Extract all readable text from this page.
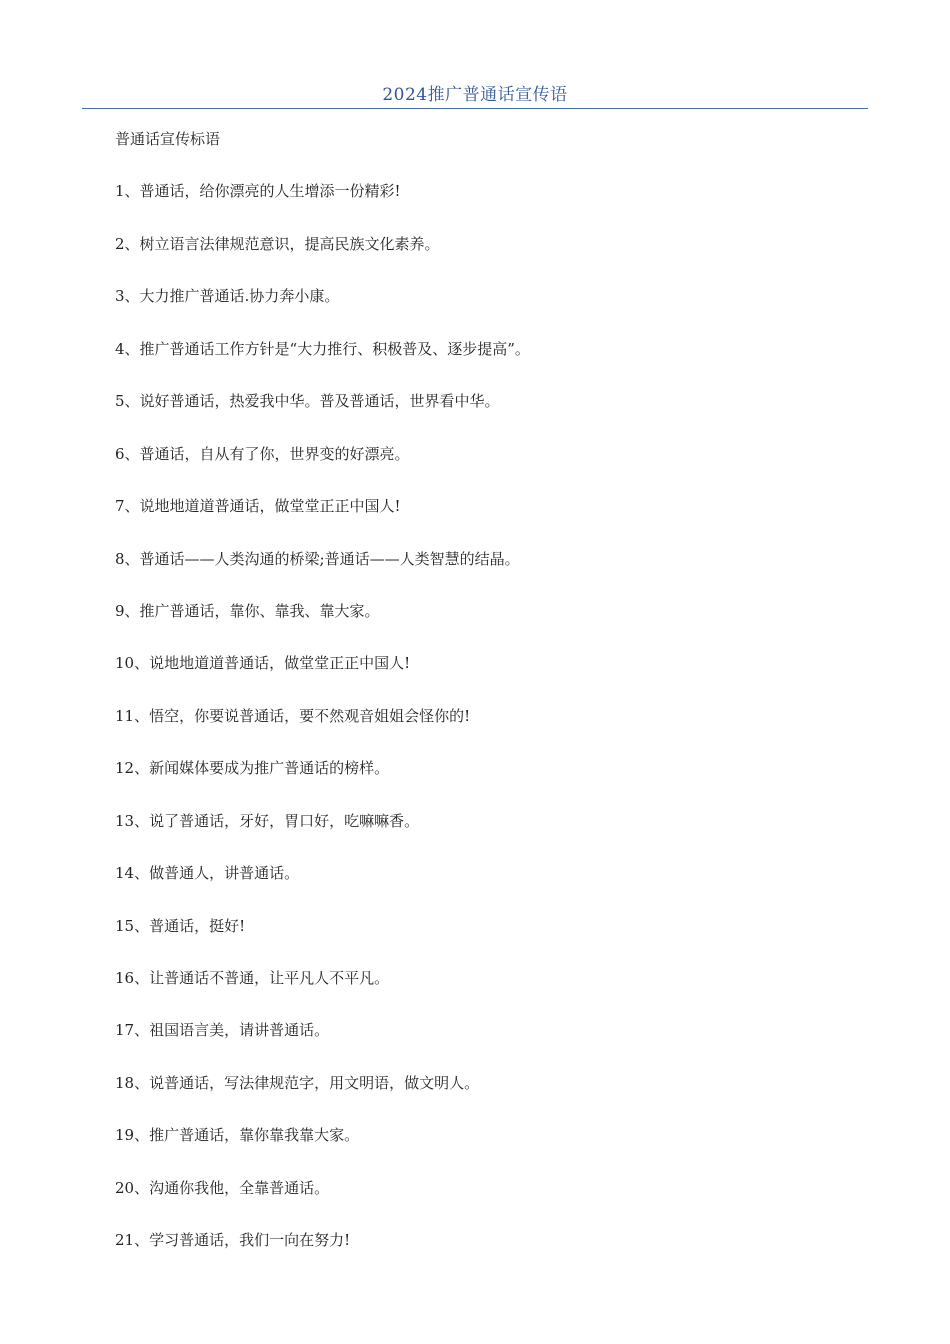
2024推广普通话宣传语

普通话宣传标语

1、普通话，给你漂亮的人生增添一份精彩!
2、树立语言法律规范意识，提高民族文化素养。
3、大力推广普通话.协力奔小康。
4、推广普通话工作方针是“大力推行、积极普及、逐步提高”。
5、说好普通话，热爱我中华。普及普通话，世界看中华。
6、普通话，自从有了你，世界变的好漂亮。
7、说地地道道普通话，做堂堂正正中国人!
8、普通话——人类沟通的桥梁;普通话——人类智慧的结晶。
9、推广普通话，靠你、靠我、靠大家。
10、说地地道道普通话，做堂堂正正中国人!
11、悟空，你要说普通话，要不然观音姐姐会怪你的!
12、新闻媒体要成为推广普通话的榜样。
13、说了普通话，牙好，胃口好，吃嘛嘛香。
14、做普通人，讲普通话。
15、普通话，挺好!
16、让普通话不普通，让平凡人不平凡。
17、祖国语言美，请讲普通话。
18、说普通话，写法律规范字，用文明语，做文明人。
19、推广普通话，靠你靠我靠大家。
20、沟通你我他，全靠普通话。
21、学习普通话，我们一向在努力!
